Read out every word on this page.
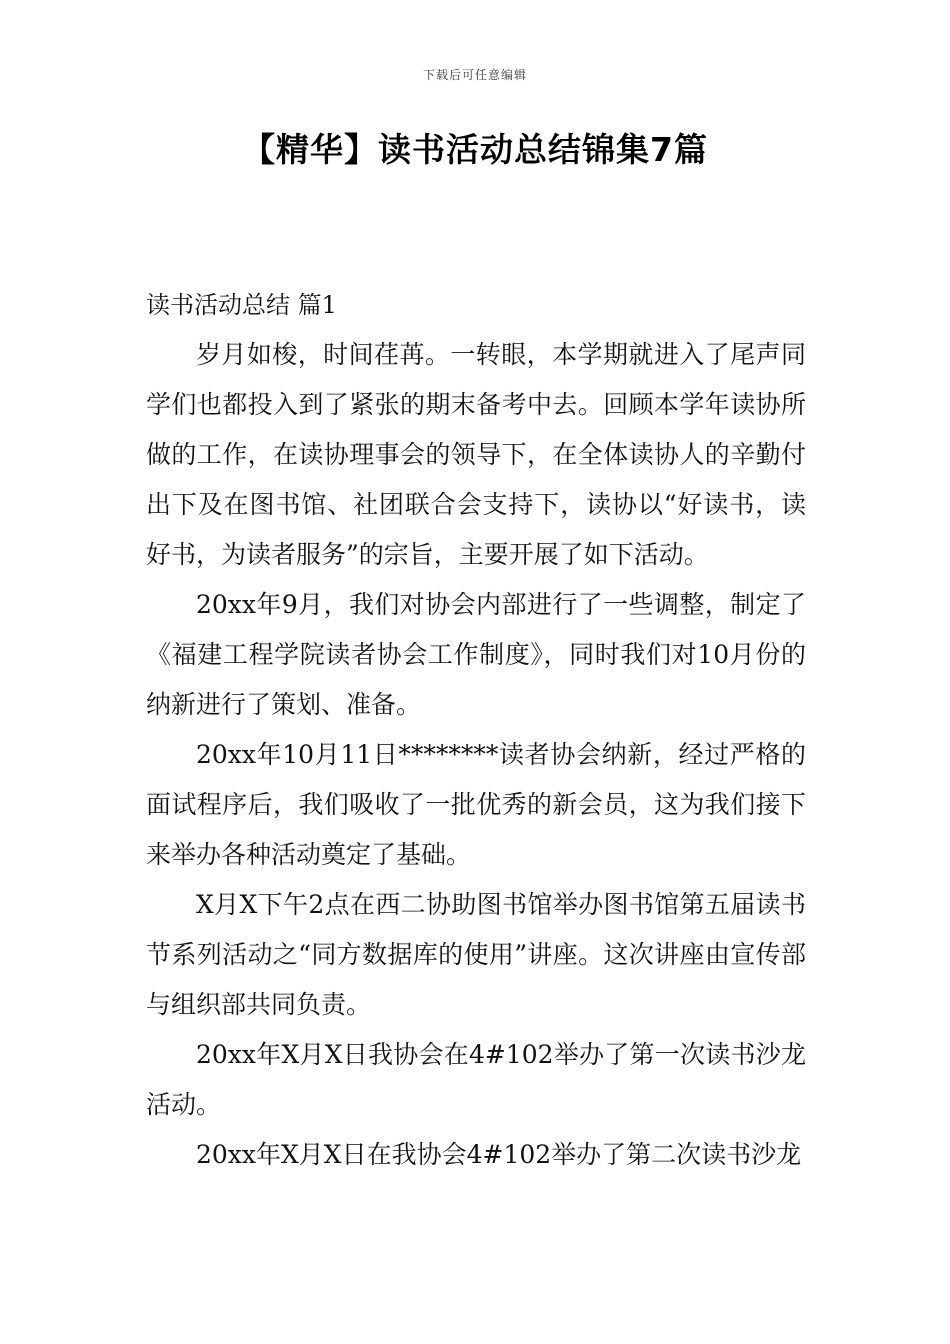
下载后可任意编辑
【精华】读书活动总结锦集7篇

读书活动总结 篇1

岁月如梭，时间荏苒。一转眼，本学期就进入了尾声同学们也都投入到了紧张的期末备考中去。回顾本学年读协所做的工作，在读协理事会的领导下，在全体读协人的辛勤付出下及在图书馆、社团联合会支持下，读协以“好读书，读好书，为读者服务”的宗旨，主要开展了如下活动。

20xx年9月，我们对协会内部进行了一些调整，制定了《福建工程学院读者协会工作制度》，同时我们对10月份的纳新进行了策划、准备。

20xx年10月11日********读者协会纳新，经过严格的面试程序后，我们吸收了一批优秀的新会员，这为我们接下来举办各种活动奠定了基础。

X月X下午2点在西二协助图书馆举办图书馆第五届读书节系列活动之“同方数据库的使用”讲座。这次讲座由宣传部与组织部共同负责。

20xx年X月X日我协会在4#102举办了第一次读书沙龙活动。

20xx年X月X日在我协会4#102举办了第二次读书沙龙
